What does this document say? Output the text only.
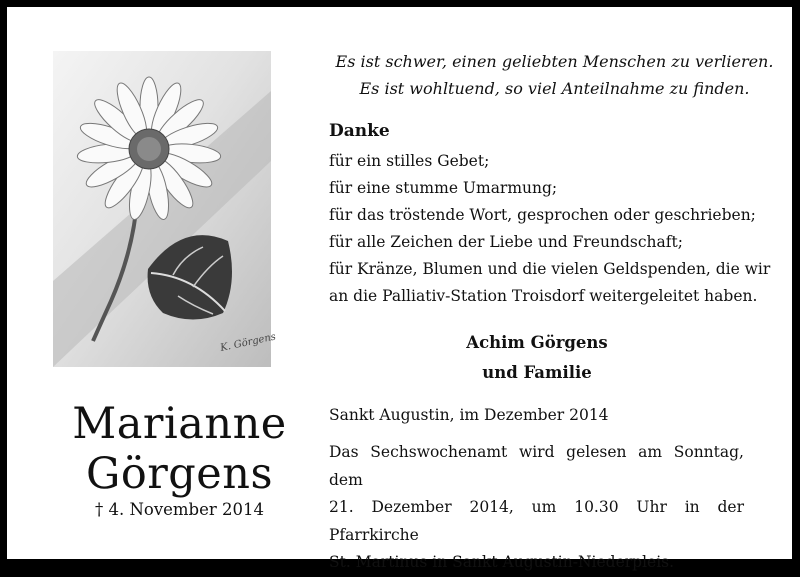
K. Görgens
Marianne
Görgens
† 4. November 2014
Es ist schwer, einen geliebten Menschen zu verlieren.
Es ist wohltuend, so viel Anteilnahme zu finden.
Danke
für ein stilles Gebet;
für eine stumme Umarmung;
für das tröstende Wort, gesprochen oder geschrieben;
für alle Zeichen der Liebe und Freundschaft;
für Kränze, Blumen und die vielen Geldspenden, die wir
an die Palliativ-Station Troisdorf weitergeleitet haben.
Achim Görgens
und Familie
Sankt Augustin, im Dezember 2014
Das Sechswochenamt wird gelesen am Sonntag, dem
21. Dezember 2014, um 10.30 Uhr in der Pfarrkirche
St. Martinus in Sankt Augustin-Niederpleis.
